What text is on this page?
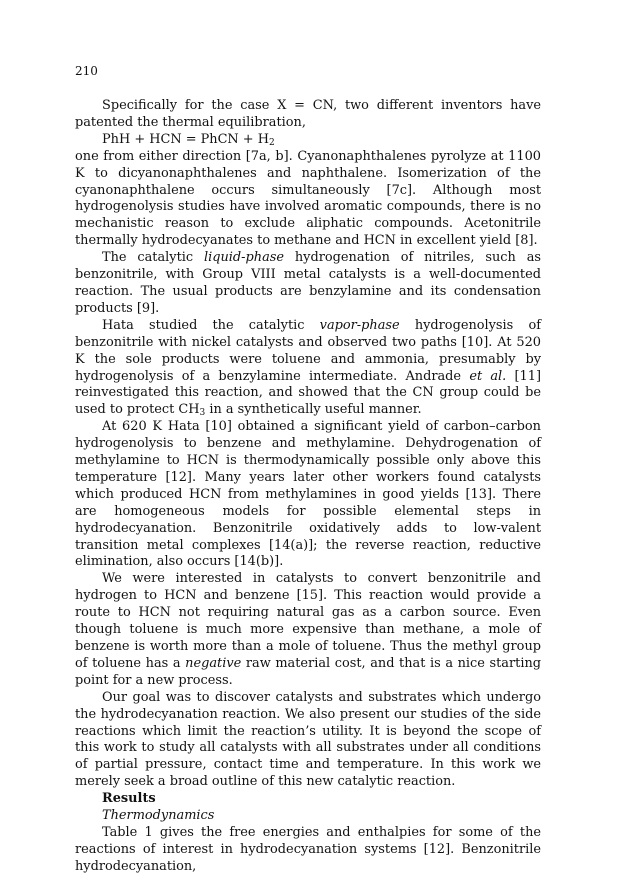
210

Specifically for the case X = CN, two different inventors have patented the thermal equilibration,

PhH + HCN = PhCN + $H_2$

one from either direction [7a, b]. Cyanonaphthalenes pyrolyze at 1100 K to dicyanonaphthalenes and naphthalene. Isomerization of the cyanonaphthalene occurs simultaneously [7c]. Although most hydrogenolysis studies have involved aromatic compounds, there is no mechanistic reason to exclude aliphatic compounds. Acetonitrile thermally hydrodecyanates to methane and HCN in excellent yield [8].

The catalytic liquid-phase hydrogenation of nitriles, such as benzonitrile, with Group VIII metal catalysts is a well-documented reaction. The usual products are benzylamine and its condensation products [9].

Hata studied the catalytic vapor-phase hydrogenolysis of benzonitrile with nickel catalysts and observed two paths [10]. At 520 K the sole products were toluene and ammonia, presumably by hydrogenolysis of a benzylamine intermediate. Andrade et al. [11] reinvestigated this reaction, and showed that the CN group could be used to protect $CH_3$ in a synthetically useful manner.

At 620 K Hata [10] obtained a significant yield of carbon–carbon hydrogenolysis to benzene and methylamine. Dehydrogenation of methylamine to HCN is thermodynamically possible only above this temperature [12]. Many years later other workers found catalysts which produced HCN from methylamines in good yields [13]. There are homogeneous models for possible elemental steps in hydrodecyanation. Benzonitrile oxidatively adds to low-valent transition metal complexes [14(a)]; the reverse reaction, reductive elimination, also occurs [14(b)].

We were interested in catalysts to convert benzonitrile and hydrogen to HCN and benzene [15]. This reaction would provide a route to HCN not requiring natural gas as a carbon source. Even though toluene is much more expensive than methane, a mole of benzene is worth more than a mole of toluene. Thus the methyl group of toluene has a negative raw material cost, and that is a nice starting point for a new process.

Our goal was to discover catalysts and substrates which undergo the hydrodecyanation reaction. We also present our studies of the side reactions which limit the reaction’s utility. It is beyond the scope of this work to study all catalysts with all substrates under all conditions of partial pressure, contact time and temperature. In this work we merely seek a broad outline of this new catalytic reaction.

Results

Thermodynamics

Table 1 gives the free energies and enthalpies for some of the reactions of interest in hydrodecyanation systems [12]. Benzonitrile hydrodecyanation,
